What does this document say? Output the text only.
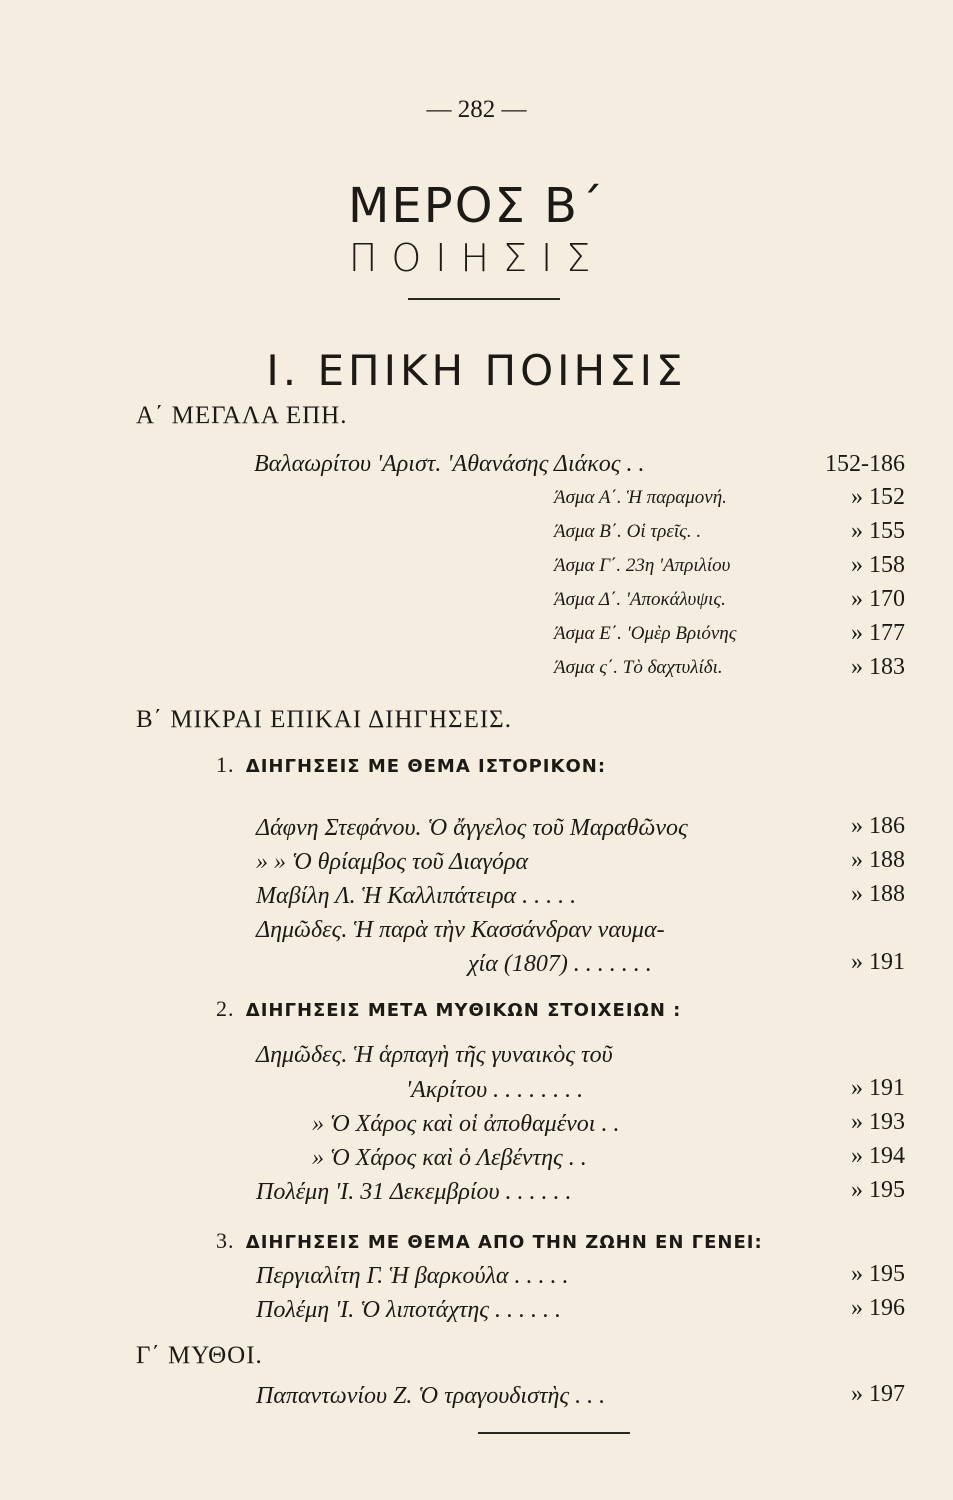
— 282 —
ΜΕΡΟΣ Β΄
ΠΟΙΗΣΙΣ
I. ΕΠΙΚΗ ΠΟΙΗΣΙΣ
Α΄ ΜΕΓΑΛΑ ΕΠΗ.
Βαλαωρίτου 'Αριστ. 'Αθανάσης Διάκος . .	152-186
Άσμα Α΄. Ἡ παραμονή.	» 152
Άσμα Β΄. Οἱ τρεῖς. .	» 155
Άσμα Γ΄. 23η 'Απριλίου	» 158
Άσμα Δ΄. 'Αποκάλυψις.	» 170
Άσμα Ε΄. 'Ομὲρ Βριόνης	» 177
Άσμα ς΄. Τὸ δαχτυλίδι.	» 183
Β΄ ΜΙΚΡΑΙ ΕΠΙΚΑΙ ΔΙΗΓΗΣΕΙΣ.
1. ΔΙΗΓΗΣΕΙΣ ΜΕ ΘΕΜΑ ΙΣΤΟΡΙΚΟΝ:
Δάφνη Στεφάνου. Ὁ ἄγγελος τοῦ Μαραθῶνος	» 186
» » Ὁ θρίαμβος τοῦ Διαγόρα	» 188
Μαβίλη Λ. Ἡ Καλλιπάτειρα . . . . .	» 188
Δημῶδες. Ἡ παρὰ τὴν Κασσάνδραν ναυμα-
χία (1807) . . . . . . .	» 191
2. ΔΙΗΓΗΣΕΙΣ ΜΕΤΑ ΜΥΘΙΚΩΝ ΣΤΟΙΧΕΙΩΝ :
Δημῶδες. Ἡ ἁρπαγὴ τῆς γυναικὸς τοῦ
'Ακρίτου . . . . . . . .	» 191
» Ὁ Χάρος καὶ οἱ ἀποθαμένοι . .	» 193
» Ὁ Χάρος καὶ ὁ Λεβέντης . .	» 194
Πολέμη 'Ι. 31 Δεκεμβρίου . . . . . .	» 195
3. ΔΙΗΓΗΣΕΙΣ ΜΕ ΘΕΜΑ ΑΠΟ ΤΗΝ ΖΩΗΝ ΕΝ ΓΕΝΕΙ:
Περγιαλίτη Γ. Ἡ βαρκούλα . . . . .	» 195
Πολέμη 'Ι. Ὁ λιποτάχτης . . . . . .	» 196
Γ΄ ΜΥΘΟΙ.
Παπαντωνίου Ζ. Ὁ τραγουδιστὴς . . .	» 197
